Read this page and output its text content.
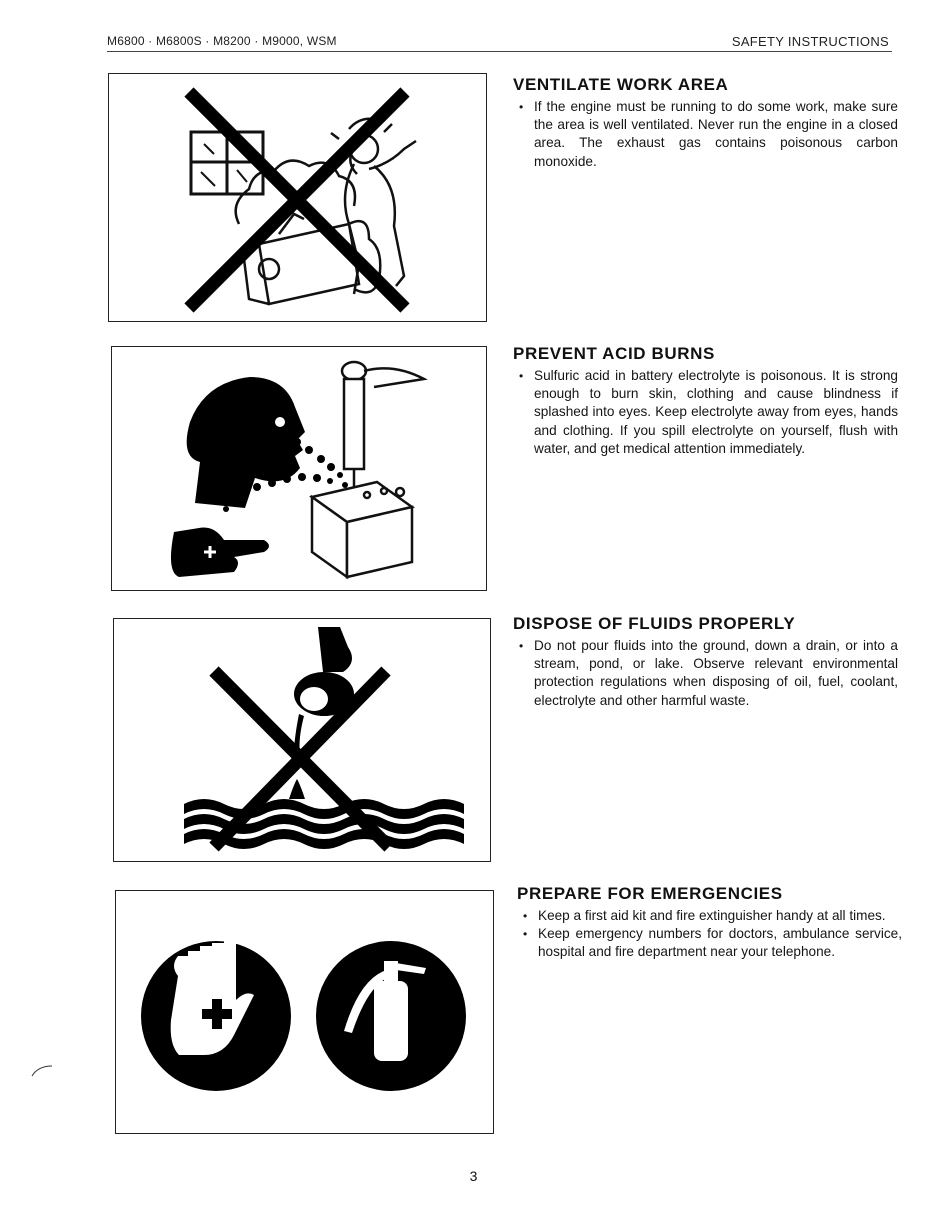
M6800 · M6800S · M8200 · M9000, WSM	SAFETY INSTRUCTIONS
VENTILATE WORK AREA
• If the engine must be running to do some work, make sure the area is well ventilated. Never run the engine in a closed area. The exhaust gas contains poisonous carbon monoxide.
PREVENT ACID BURNS
• Sulfuric acid in battery electrolyte is poisonous. It is strong enough to burn skin, clothing and cause blindness if splashed into eyes. Keep electrolyte away from eyes, hands and clothing. If you spill electrolyte on yourself, flush with water, and get medical attention immediately.
DISPOSE OF FLUIDS PROPERLY
• Do not pour fluids into the ground, down a drain, or into a stream, pond, or lake. Observe relevant environmental protection regulations when disposing of oil, fuel, coolant, electrolyte and other harmful waste.
PREPARE FOR EMERGENCIES
• Keep a first aid kit and fire extinguisher handy at all times.
• Keep emergency numbers for doctors, ambulance service, hospital and fire department near your telephone.
3
